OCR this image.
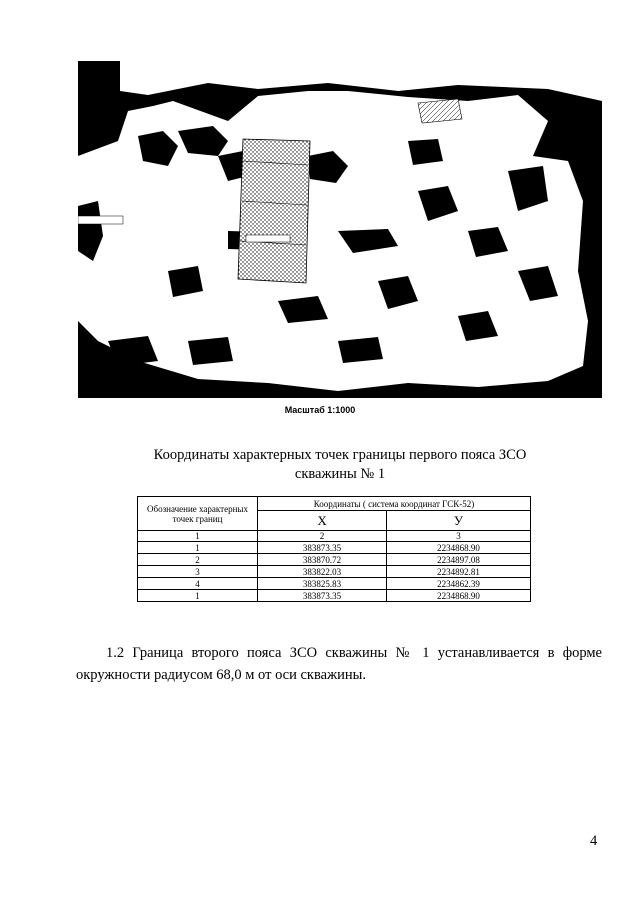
Масштаб 1:1000
Координаты характерных точек границы первого пояса ЗСО
скважины № 1
Обозначение характерных точек границ	Координаты ( система координат ГСК-52)	
	Х	У
1	2	3
1	383873.35	2234868.90
2	383870.72	2234897.08
3	383822.03	2234892.81
4	383825.83	2234862.39
1	383873.35	2234868.90
1.2 Граница второго пояса ЗСО скважины № 1 устанавливается в форме окружности радиусом 68,0 м от оси скважины.
4
